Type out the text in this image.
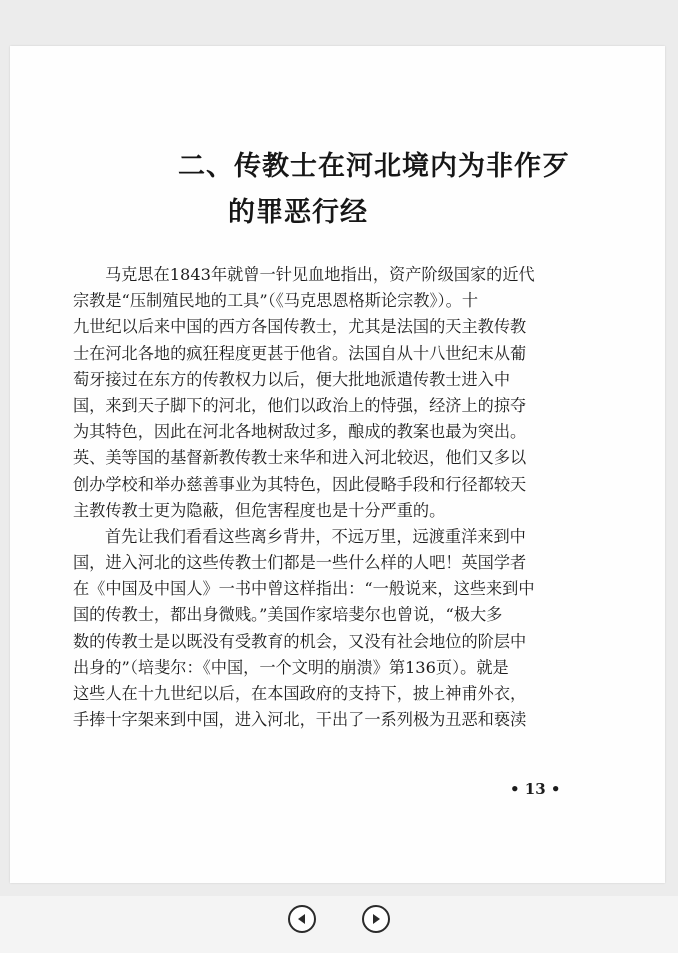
二、传教士在河北境内为非作歹
的罪恶行经
马克思在1843年就曾一针见血地指出，资产阶级国家的近代
宗教是“压制殖民地的工具”（《马克思恩格斯论宗教》）。十
九世纪以后来中国的西方各国传教士，尤其是法国的天主教传教
士在河北各地的疯狂程度更甚于他省。法国自从十八世纪末从葡
萄牙接过在东方的传教权力以后，便大批地派遣传教士进入中
国，来到天子脚下的河北，他们以政治上的恃强，经济上的掠夺
为其特色，因此在河北各地树敌过多，酿成的教案也最为突出。
英、美等国的基督新教传教士来华和进入河北较迟，他们又多以
创办学校和举办慈善事业为其特色，因此侵略手段和行径都较天
主教传教士更为隐蔽，但危害程度也是十分严重的。
首先让我们看看这些离乡背井，不远万里，远渡重洋来到中
国，进入河北的这些传教士们都是一些什么样的人吧！英国学者
在《中国及中国人》一书中曾这样指出：“一般说来，这些来到中
国的传教士，都出身微贱。”美国作家培斐尔也曾说，“极大多
数的传教士是以既没有受教育的机会，又没有社会地位的阶层中
出身的”（培斐尔：《中国，一个文明的崩溃》第136页）。就是
这些人在十九世纪以后，在本国政府的支持下，披上神甫外衣，
手捧十字架来到中国，进入河北，干出了一系列极为丑恶和亵渎
• 13 •
